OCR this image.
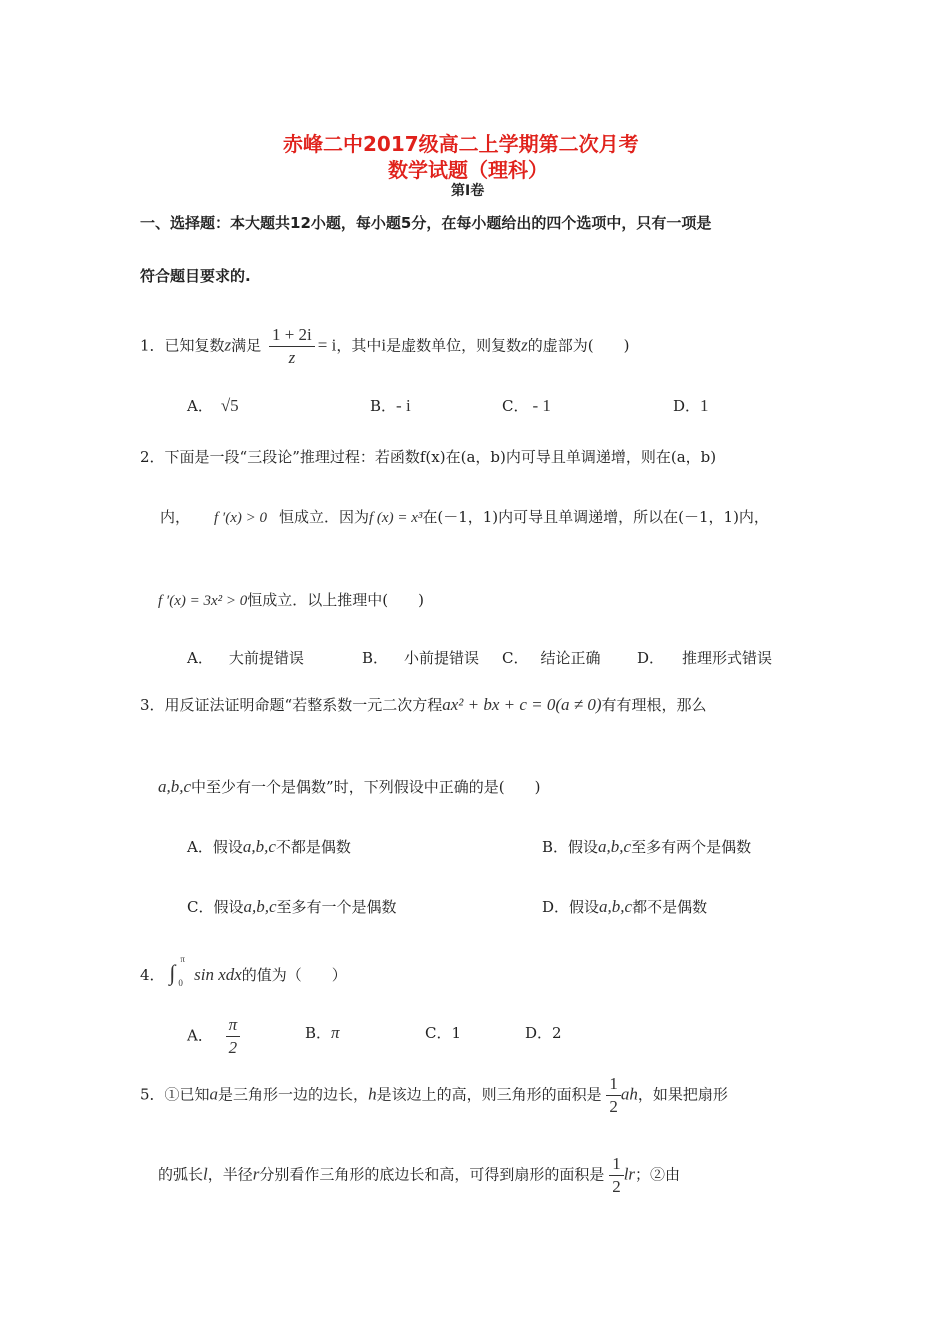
赤峰二中2017级高二上学期第二次月考
数学试题（理科）
第Ⅰ卷
一、选择题：本大题共12小题，每小题5分，在每小题给出的四个选项中，只有一项是
符合题目要求的.
1．已知复数z满足 $\frac{1 + 2i}{z} = i$，其中i是虚数单位，则复数z的虚部为(　　)
A． √5	B．- i	C． - 1	D．1
2．下面是一段“三段论”推理过程：若函数f(x)在(a，b)内可导且单调递增，则在(a，b)
内， f ′(x) > 0 恒成立．因为f (x) = x³在(－1，1)内可导且单调递增，所以在(－1，1)内，
f ′(x) = 3x² > 0恒成立．以上推理中(　　)
A． 大前提错误	B． 小前提错误 C． 结论正确 D． 推理形式错误
3．用反证法证明命题“若整系数一元二次方程ax² + bx + c = 0(a ≠ 0)有有理根，那么
a,b,c中至少有一个是偶数”时，下列假设中正确的是(　　)
A．假设a,b,c不都是偶数	B．假设a,b,c至多有两个是偶数
C．假设a,b,c至多有一个是偶数	D．假设a,b,c都不是偶数
4． ∫
π
0 sin xdx的值为（　　）
A． $\frac{\pi}{2}$	B．π	C．1	D．2
5．①已知a是三角形一边的边长，h是该边上的高，则三角形的面积是 $\frac{1}{2}$ ah，如果把扇形
的弧长l，半径r分别看作三角形的底边长和高，可得到扇形的面积是 $\frac{1}{2}$ lr；②由
